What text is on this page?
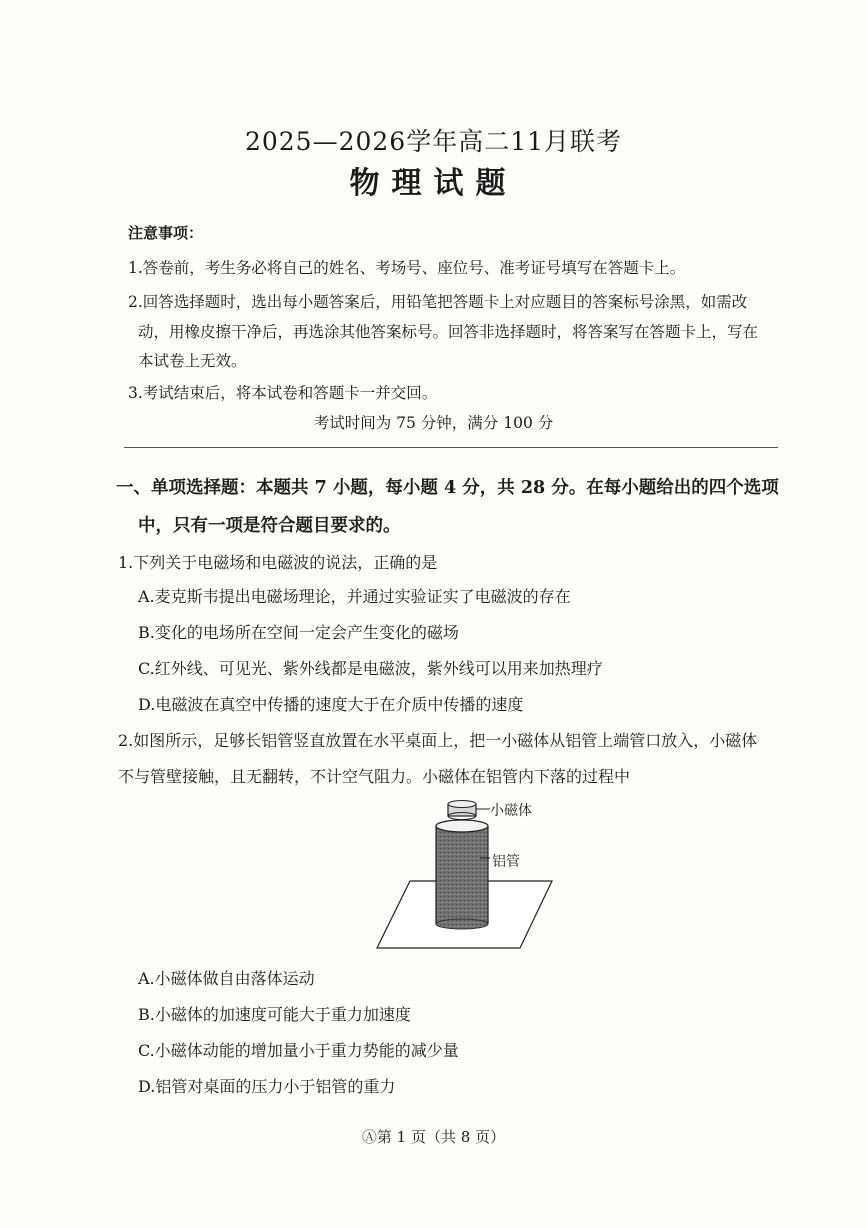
2025—2026学年高二11月联考
物理试题
注意事项：
1.答卷前，考生务必将自己的姓名、考场号、座位号、准考证号填写在答题卡上。
2.回答选择题时，选出每小题答案后，用铅笔把答题卡上对应题目的答案标号涂黑，如需改
动，用橡皮擦干净后，再选涂其他答案标号。回答非选择题时，将答案写在答题卡上，写在
本试卷上无效。
3.考试结束后，将本试卷和答题卡一并交回。
考试时间为 75 分钟，满分 100 分
一、单项选择题：本题共 7 小题，每小题 4 分，共 28 分。在每小题给出的四个选项
中，只有一项是符合题目要求的。
1.下列关于电磁场和电磁波的说法，正确的是
A.麦克斯韦提出电磁场理论，并通过实验证实了电磁波的存在
B.变化的电场所在空间一定会产生变化的磁场
C.红外线、可见光、紫外线都是电磁波，紫外线可以用来加热理疗
D.电磁波在真空中传播的速度大于在介质中传播的速度
2.如图所示，足够长铝管竖直放置在水平桌面上，把一小磁体从铝管上端管口放入，小磁体
不与管壁接触，且无翻转，不计空气阻力。小磁体在铝管内下落的过程中
小磁体
铝管
A.小磁体做自由落体运动
B.小磁体的加速度可能大于重力加速度
C.小磁体动能的增加量小于重力势能的减少量
D.铝管对桌面的压力小于铝管的重力
Ⓐ第 1 页（共 8 页）
